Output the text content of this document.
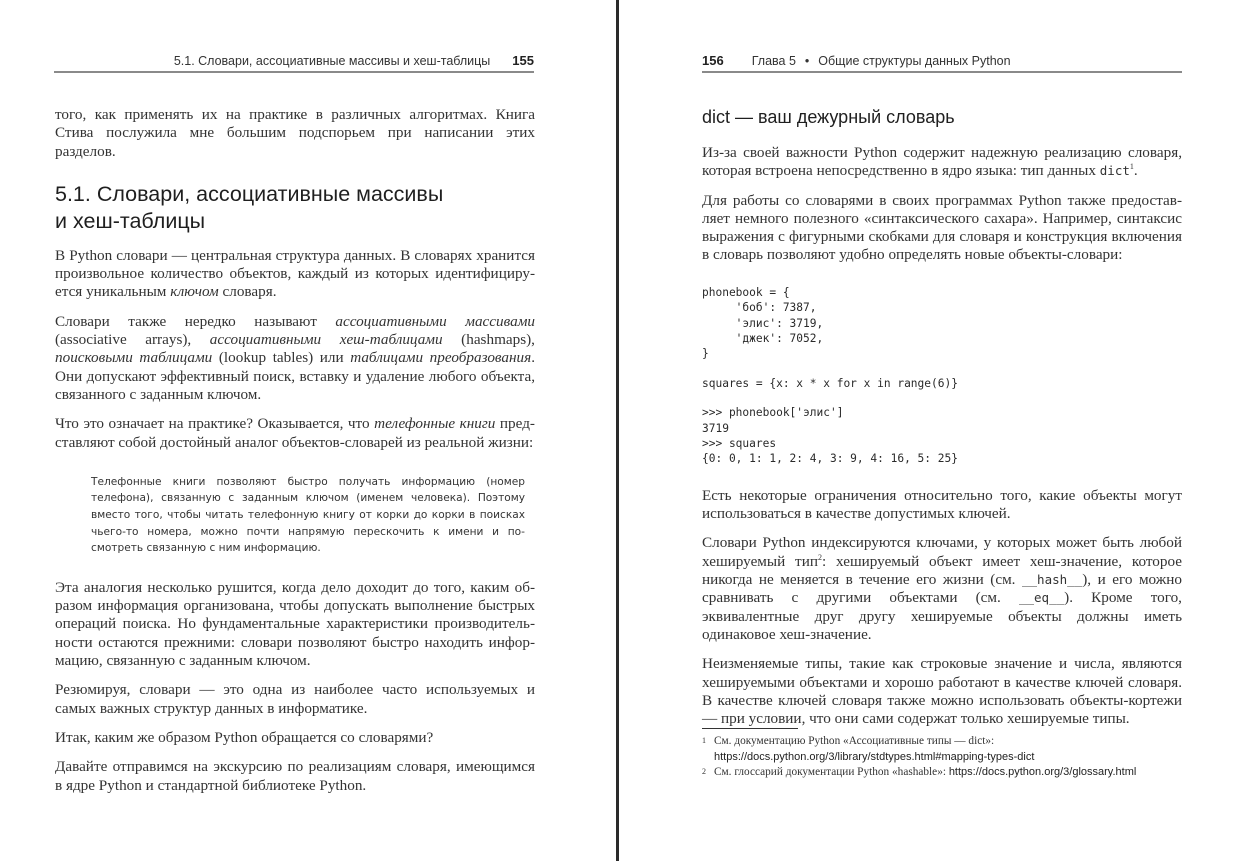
5.1. Словари, ассоциативные массивы и хеш-таблицы 155

того, как применять их на практике в различных алгоритмах. Книга Стива послужила мне большим подспорьем при написании этих разделов.

5.1. Словари, ассоциативные массивы
и хеш-таблицы

В Python словари — центральная структура данных. В словарях хранится произвольное количество объектов, каждый из которых идентифицируется уникальным ключом словаря.

Словари также нередко называют ассоциативными массивами (associative arrays), ассоциативными хеш-таблицами (hashmaps), поисковыми таблицами (lookup tables) или таблицами преобразования. Они допускают эффективный поиск, вставку и удаление любого объекта, связанного с заданным ключом.

Что это означает на практике? Оказывается, что телефонные книги представляют собой достойный аналог объектов-словарей из реальной жизни:

Телефонные книги позволяют быстро получать информацию (номер телефона), связанную с заданным ключом (именем человека). Поэтому вместо того, чтобы читать телефонную книгу от корки до корки в поисках чьего-то номера, можно почти напрямую перескочить к имени и посмотреть связанную с ним информацию.

Эта аналогия несколько рушится, когда дело доходит до того, каким образом информация организована, чтобы допускать выполнение быстрых операций поиска. Но фундаментальные характеристики производительности остаются прежними: словари позволяют быстро находить информацию, связанную с заданным ключом.

Резюмируя, словари — это одна из наиболее часто используемых и самых важных структур данных в информатике.

Итак, каким же образом Python обращается со словарями?

Давайте отправимся на экскурсию по реализациям словаря, имеющимся в ядре Python и стандартной библиотеке Python.

156 Глава 5 • Общие структуры данных Python
dict — ваш дежурный словарь

Из-за своей важности Python содержит надежную реализацию словаря, которая встроена непосредственно в ядро языка: тип данных dict$^1$.

Для работы со словарями в своих программах Python также предоставляет немного полезного «синтаксического сахара». Например, синтаксис выражения с фигурными скобками для словаря и конструкция включения в словарь позволяют удобно определять новые объекты-словари:

phonebook = {
'боб': 7387,
'элис': 3719,
'джек': 7052,
}
squares = {x: x * x for x in range(6)}
>>> phonebook['элис']
3719
>>> squares
{0: 0, 1: 1, 2: 4, 3: 9, 4: 16, 5: 25}

Есть некоторые ограничения относительно того, какие объекты могут использоваться в качестве допустимых ключей.

Словари Python индексируются ключами, у которых может быть любой хешируемый тип$^2$: хешируемый объект имеет хеш-значение, которое никогда не меняется в течение его жизни (см. __hash__), и его можно сравнивать с другими объектами (см. __eq__). Кроме того, эквивалентные друг другу хешируемые объекты должны иметь одинаковое хеш-значение.

Неизменяемые типы, такие как строковые значение и числа, являются хешируемыми объектами и хорошо работают в качестве ключей словаря. В качестве ключей словаря также можно использовать объекты-кортежи — при условии, что они сами содержат только хешируемые типы.

1 См. документацию Python «Ассоциативные типы — dict»: https://docs.python.org/3/library/stdtypes.html#mapping-types-dict
2 См. глоссарий документации Python «hashable»: https://docs.python.org/3/glossary.html
